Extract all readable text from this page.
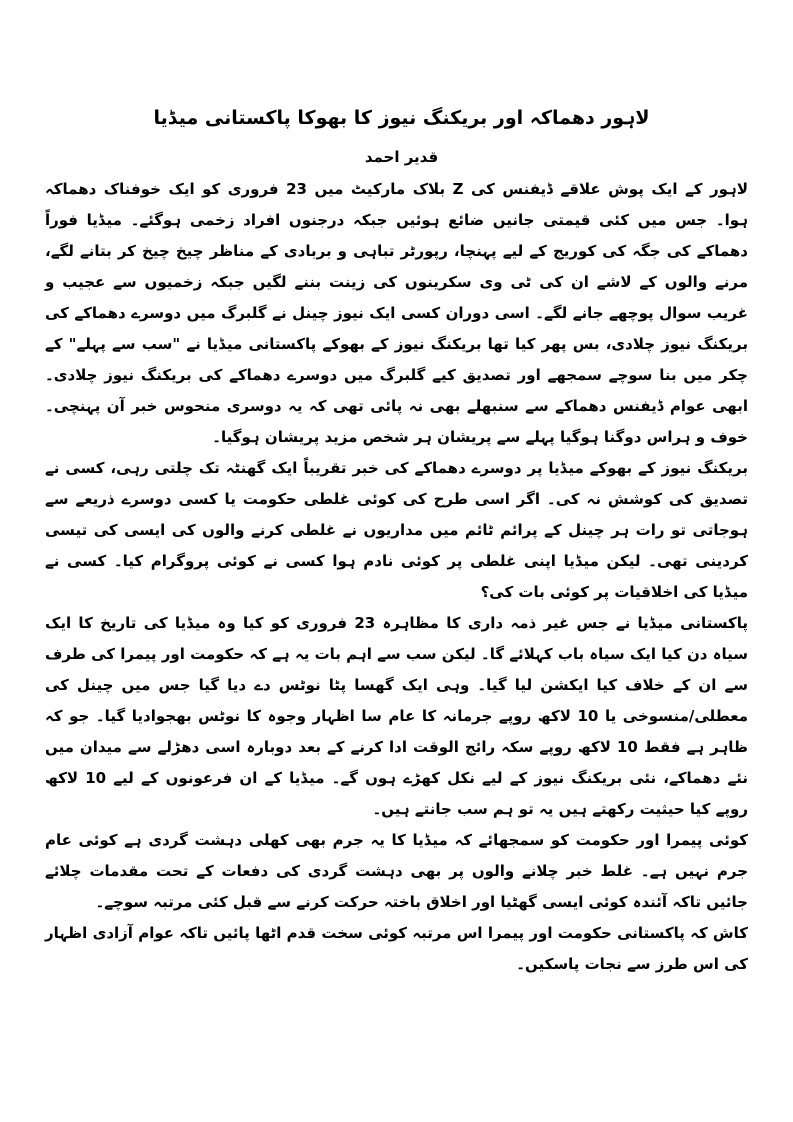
لاہور دھماکہ اور بریکنگ نیوز کا بھوکا پاکستانی میڈیا
قدیر احمد

لاہور کے ایک پوش علاقے ڈیفنس کی Z بلاک مارکیٹ میں 23 فروری کو ایک خوفناک دھماکہ ہوا۔ جس میں کئی قیمتی جانیں ضائع ہوئیں جبکہ درجنوں افراد زخمی ہوگئے۔ میڈیا فوراً دھماکے کی جگہ کی کوریج کے لیے پہنچا، رپورٹر تباہی و بربادی کے مناظر چیخ چیخ کر بتانے لگے، مرنے والوں کے لاشے ان کی ٹی وی سکرینوں کی زینت بننے لگیں جبکہ زخمیوں سے عجیب و غریب سوال پوچھے جانے لگے۔ اسی دوران کسی ایک نیوز چینل نے گلبرگ میں دوسرے دھماکے کی بریکنگ نیوز چلادی، بس پھر کیا تھا بریکنگ نیوز کے بھوکے پاکستانی میڈیا نے "سب سے پہلے" کے چکر میں بنا سوچے سمجھے اور تصدیق کیے گلبرگ میں دوسرے دھماکے کی بریکنگ نیوز چلادی۔ ابھی عوام ڈیفنس دھماکے سے سنبھلے بھی نہ پائی تھی کہ یہ دوسری منحوس خبر آن پہنچی۔ خوف و ہراس دوگنا ہوگیا پہلے سے پریشان ہر شخص مزید پریشان ہوگیا۔

بریکنگ نیوز کے بھوکے میڈیا پر دوسرے دھماکے کی خبر تقریباً ایک گھنٹہ تک چلتی رہی، کسی نے تصدیق کی کوشش نہ کی۔ اگر اسی طرح کی کوئی غلطی حکومت یا کسی دوسرے ذریعے سے ہوجاتی تو رات ہر چینل کے پرائم ٹائم میں مداریوں نے غلطی کرنے والوں کی ایسی کی تیسی کردینی تھی۔ لیکن میڈیا اپنی غلطی پر کوئی نادم ہوا کسی نے کوئی پروگرام کیا۔ کسی نے میڈیا کی اخلاقیات پر کوئی بات کی؟

پاکستانی میڈیا نے جس غیر ذمہ داری کا مظاہرہ 23 فروری کو کیا وہ میڈیا کی تاریخ کا ایک سیاہ دن کیا ایک سیاہ باب کہلائے گا۔ لیکن سب سے اہم بات یہ ہے کہ حکومت اور پیمرا کی طرف سے ان کے خلاف کیا ایکشن لیا گیا۔ وہی ایک گھسا پٹا نوٹس دے دیا گیا جس میں چینل کی معطلی/منسوخی یا 10 لاکھ روپے جرمانہ کا عام سا اظہار وجوہ کا نوٹس بھجوادیا گیا۔ جو کہ ظاہر ہے فقط 10 لاکھ روپے سکہ رائج الوقت ادا کرنے کے بعد دوبارہ اسی دھڑلے سے میدان میں نئے دھماکے، نئی بریکنگ نیوز کے لیے نکل کھڑے ہوں گے۔ میڈیا کے ان فرعونوں کے لیے 10 لاکھ روپے کیا حیثیت رکھتے ہیں یہ تو ہم سب جانتے ہیں۔

کوئی پیمرا اور حکومت کو سمجھائے کہ میڈیا کا یہ جرم بھی کھلی دہشت گردی ہے کوئی عام جرم نہیں ہے۔ غلط خبر چلانے والوں پر بھی دہشت گردی کی دفعات کے تحت مقدمات چلائے جائیں تاکہ آئندہ کوئی ایسی گھٹیا اور اخلاق باختہ حرکت کرنے سے قبل کئی مرتبہ سوچے۔

کاش کہ پاکستانی حکومت اور پیمرا اس مرتبہ کوئی سخت قدم اٹھا پائیں تاکہ عوام آزادی اظہار کی اس طرز سے نجات پاسکیں۔
